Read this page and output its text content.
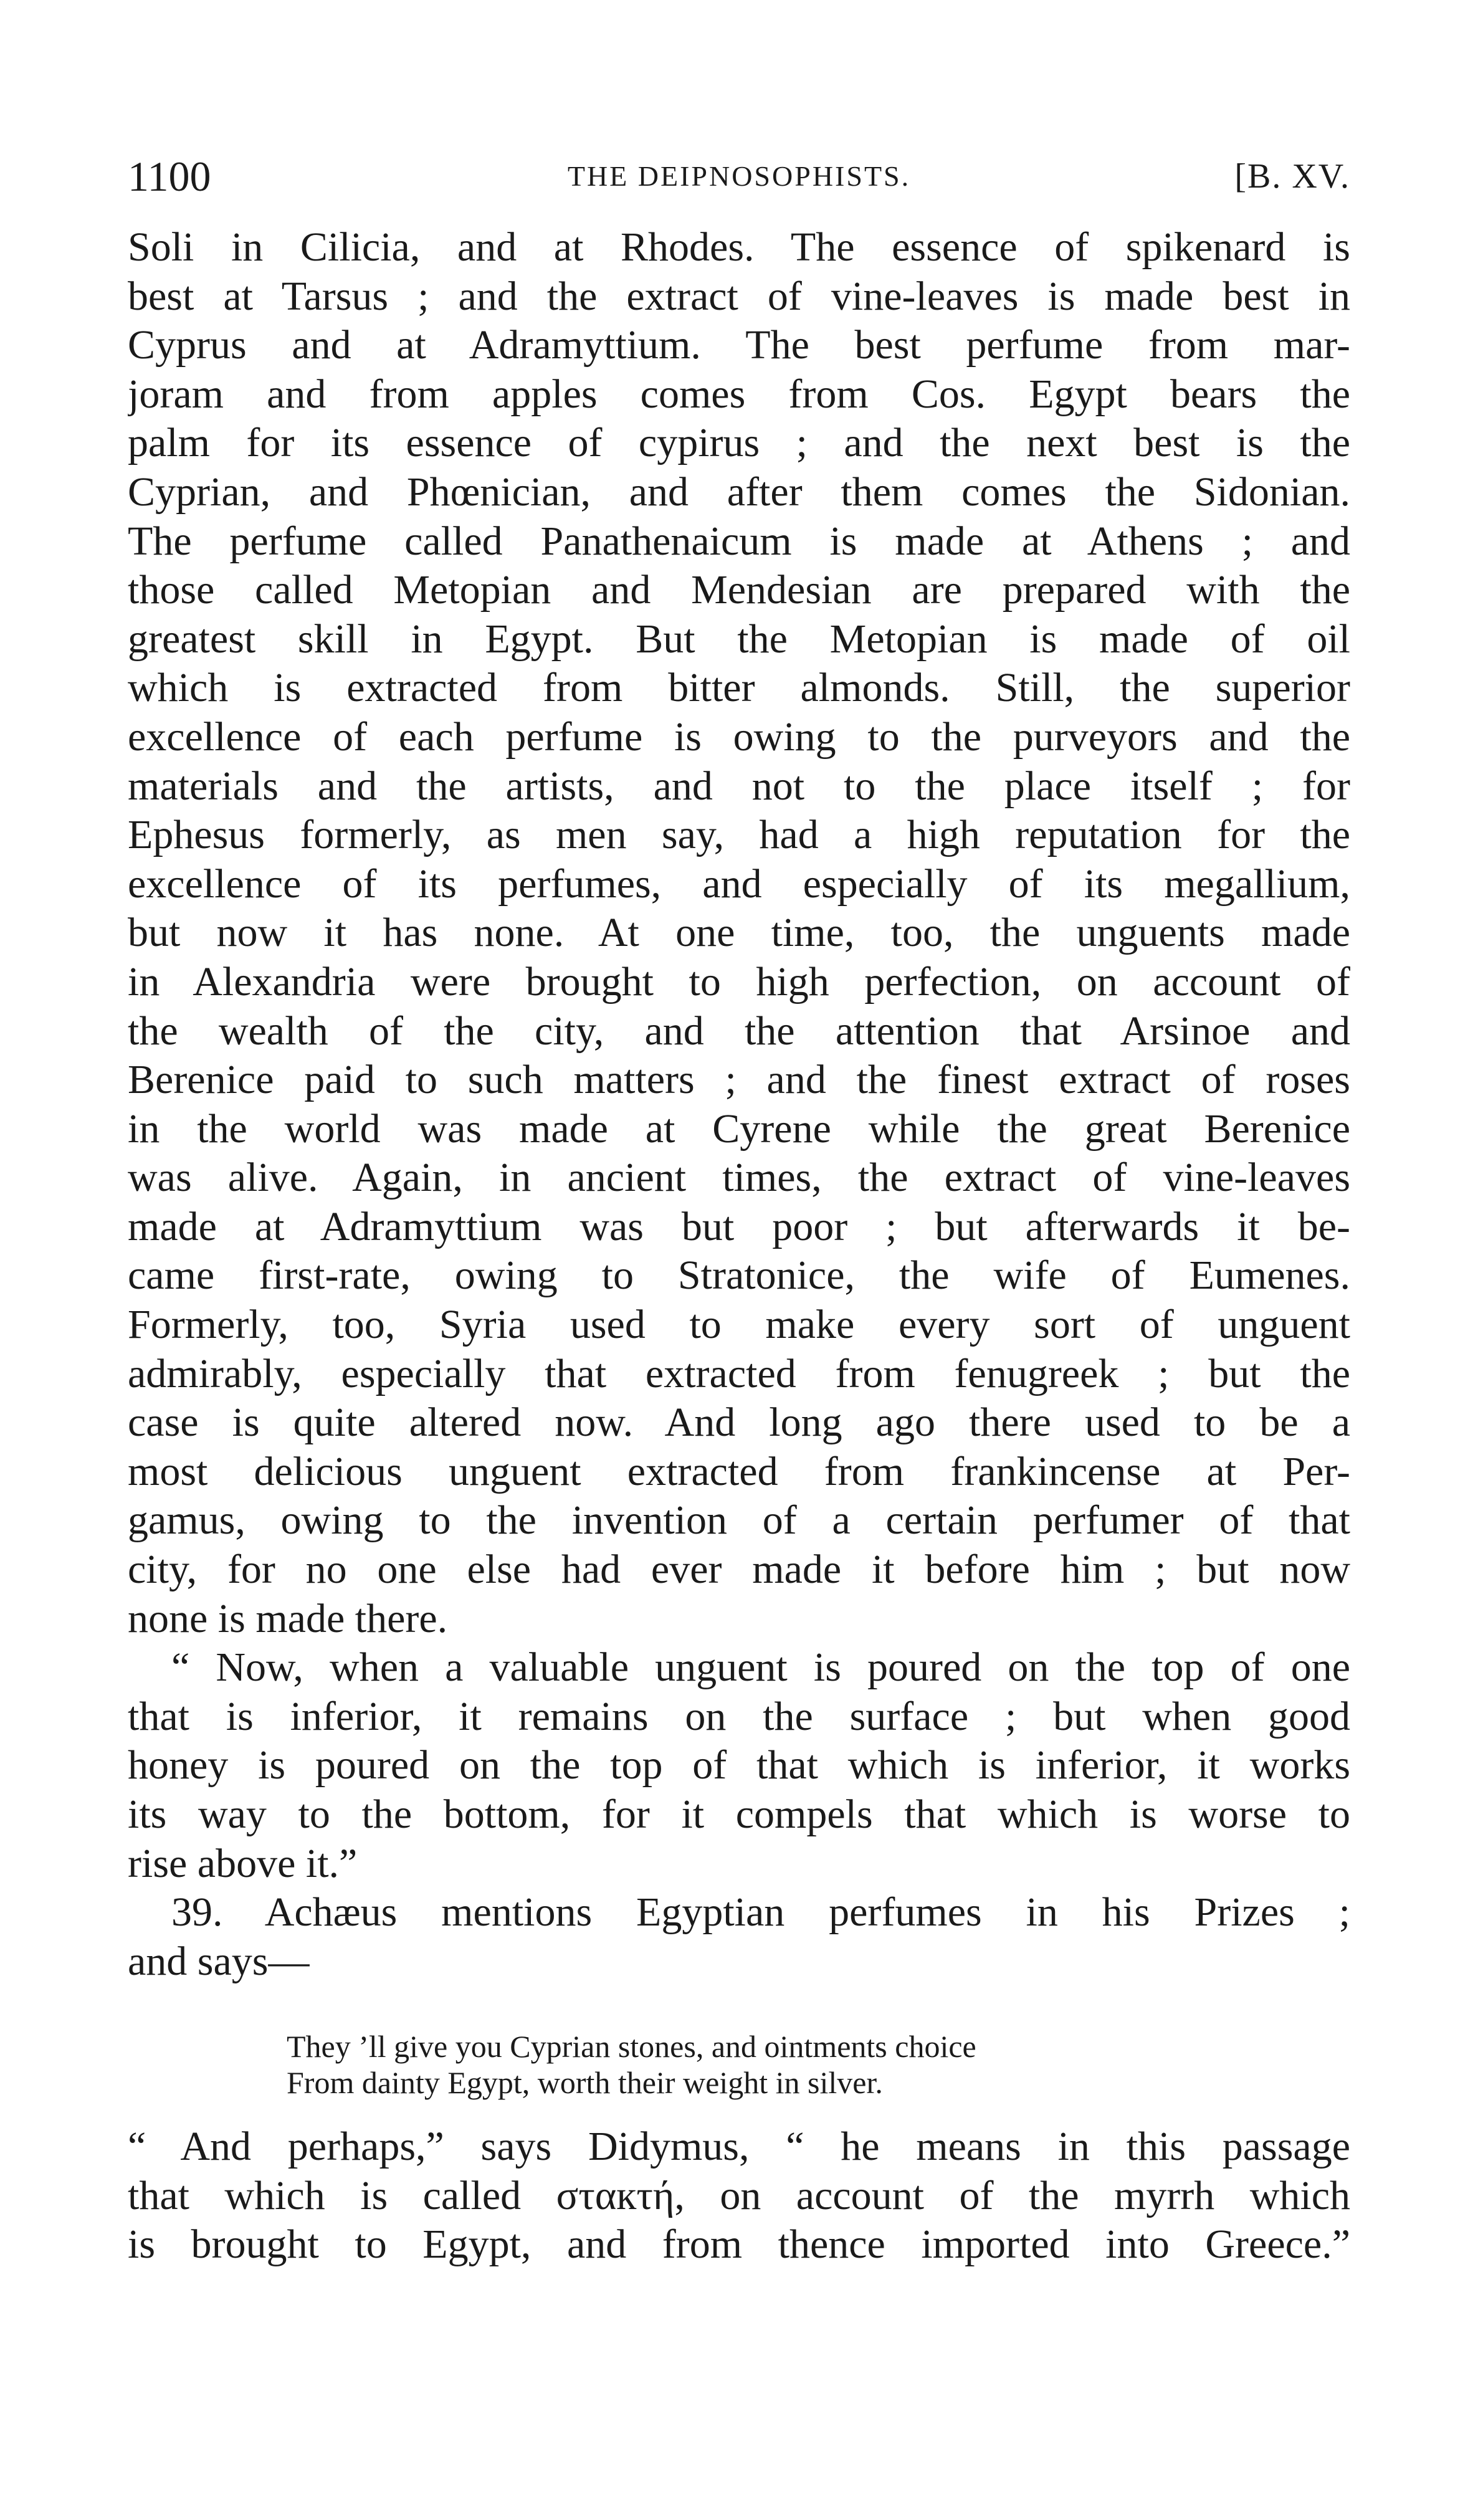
1100	THE DEIPNOSOPHISTS.	[B. XV.
Soli in Cilicia, and at Rhodes. The essence of spikenard is
best at Tarsus ; and the extract of vine-leaves is made best in
Cyprus and at Adramyttium. The best perfume from mar-
joram and from apples comes from Cos. Egypt bears the
palm for its essence of cypirus ; and the next best is the
Cyprian, and Phœnician, and after them comes the Sidonian.
The perfume called Panathenaicum is made at Athens ; and
those called Metopian and Mendesian are prepared with the
greatest skill in Egypt. But the Metopian is made of oil
which is extracted from bitter almonds. Still, the superior
excellence of each perfume is owing to the purveyors and the
materials and the artists, and not to the place itself ; for
Ephesus formerly, as men say, had a high reputation for the
excellence of its perfumes, and especially of its megallium,
but now it has none. At one time, too, the unguents made
in Alexandria were brought to high perfection, on account of
the wealth of the city, and the attention that Arsinoe and
Berenice paid to such matters ; and the finest extract of roses
in the world was made at Cyrene while the great Berenice
was alive. Again, in ancient times, the extract of vine-leaves
made at Adramyttium was but poor ; but afterwards it be-
came first-rate, owing to Stratonice, the wife of Eumenes.
Formerly, too, Syria used to make every sort of unguent
admirably, especially that extracted from fenugreek ; but the
case is quite altered now. And long ago there used to be a
most delicious unguent extracted from frankincense at Per-
gamus, owing to the invention of a certain perfumer of that
city, for no one else had ever made it before him ; but now
none is made there.
“ Now, when a valuable unguent is poured on the top of one
that is inferior, it remains on the surface ; but when good
honey is poured on the top of that which is inferior, it works
its way to the bottom, for it compels that which is worse to
rise above it.”
39. Achæus mentions Egyptian perfumes in his Prizes ;
and says—
They ’ll give you Cyprian stones, and ointments choice
From dainty Egypt, worth their weight in silver.
“ And perhaps,” says Didymus, “ he means in this passage
that which is called σταкτή, on account of the myrrh which
is brought to Egypt, and from thence imported into Greece.”
